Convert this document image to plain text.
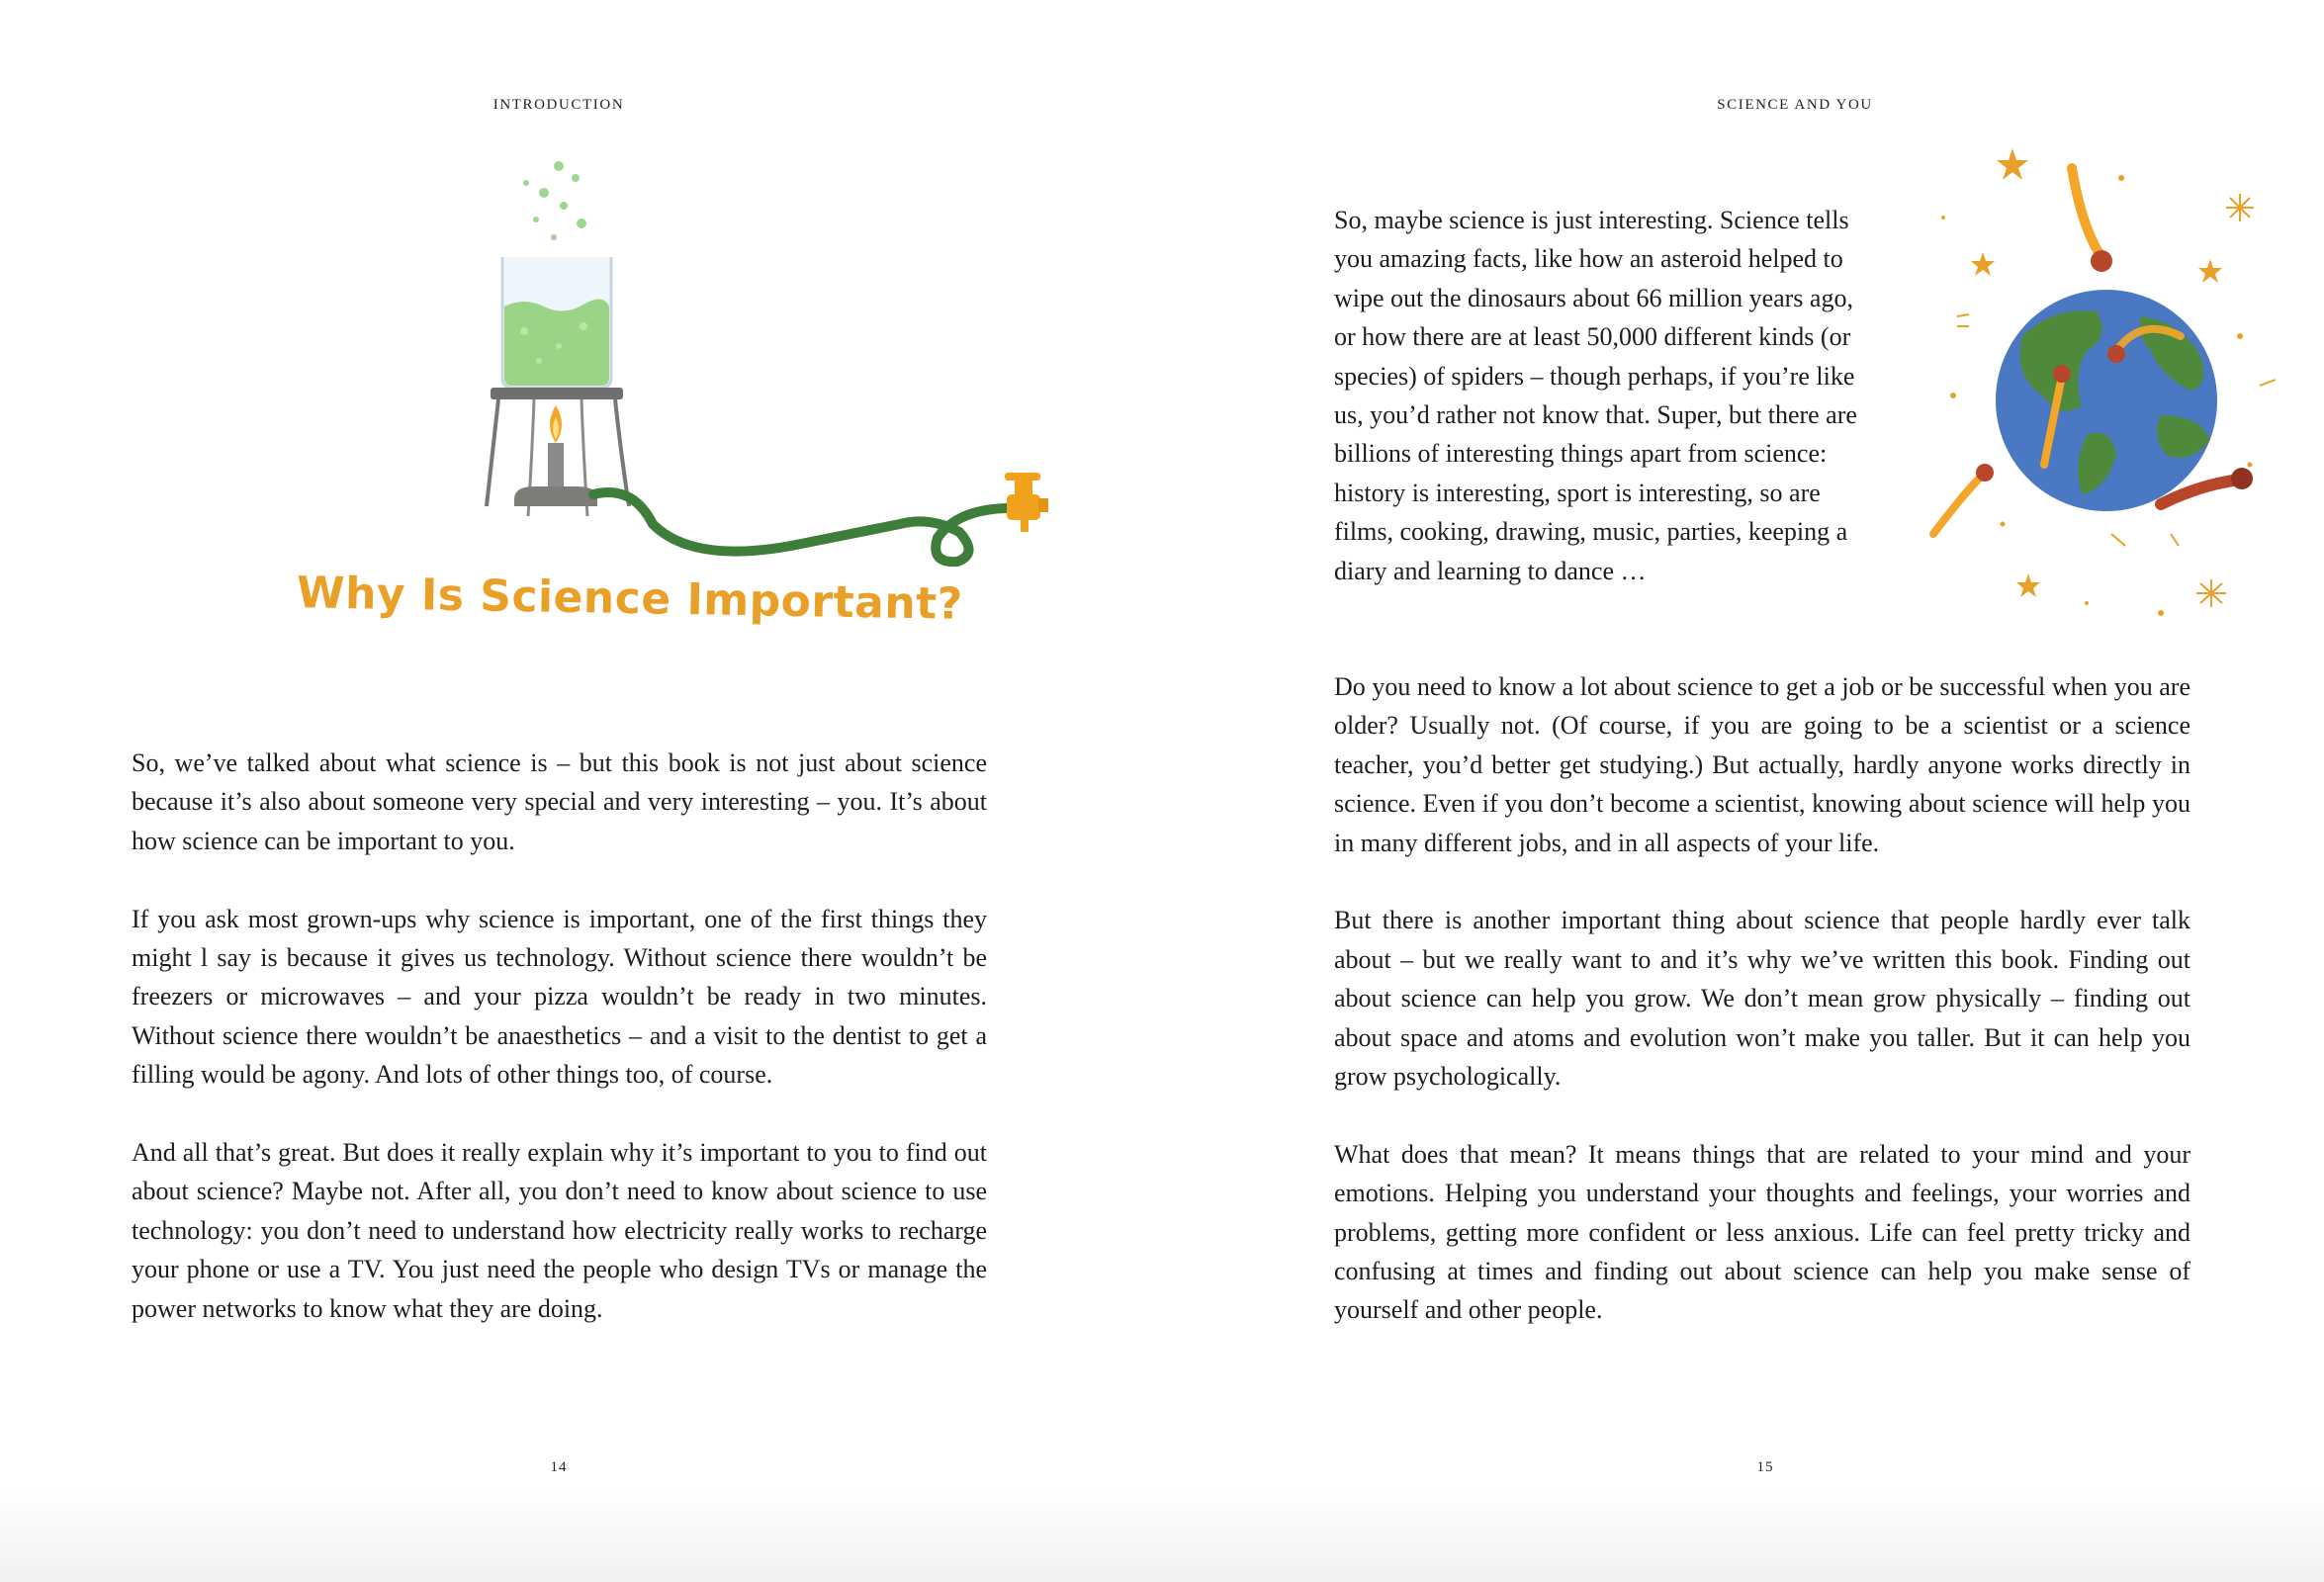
INTRODUCTION
Why Is Science Important?

So, we’ve talked about what science is – but this book is not just about science because it’s also about someone very special and very interesting – you. It’s about how science can be important to you.

If you ask most grown-ups why science is important, one of the first things they might l say is because it gives us technology. Without science there wouldn’t be freezers or microwaves – and your pizza wouldn’t be ready in two minutes. Without science there wouldn’t be anaesthetics – and a visit to the dentist to get a filling would be agony. And lots of other things too, of course.

And all that’s great. But does it really explain why it’s important to you to find out about science? Maybe not. After all, you don’t need to know about science to use technology: you don’t need to understand how electricity really works to recharge your phone or use a TV. You just need the people who design TVs or manage the power networks to know what they are doing.

14
SCIENCE AND YOU

So, maybe science is just interesting. Science tells you amazing facts, like how an asteroid helped to wipe out the dinosaurs about 66 million years ago, or how there are at least 50,000 different kinds (or species) of spiders – though perhaps, if you’re like us, you’d rather not know that. Super, but there are billions of interesting things apart from science: history is interesting, sport is interesting, so are films, cooking, drawing, music, parties, keeping a diary and learning to dance …

Do you need to know a lot about science to get a job or be successful when you are older? Usually not. (Of course, if you are going to be a scientist or a science teacher, you’d better get studying.) But actually, hardly anyone works directly in science. Even if you don’t become a scientist, knowing about science will help you in many different jobs, and in all aspects of your life.

But there is another important thing about science that people hardly ever talk about – but we really want to and it’s why we’ve written this book. Finding out about science can help you grow. We don’t mean grow physically – finding out about space and atoms and evolution won’t make you taller. But it can help you grow psychologically.

What does that mean? It means things that are related to your mind and your emotions. Helping you understand your thoughts and feelings, your worries and problems, getting more confident or less anxious. Life can feel pretty tricky and confusing at times and finding out about science can help you make sense of yourself and other people.

15
